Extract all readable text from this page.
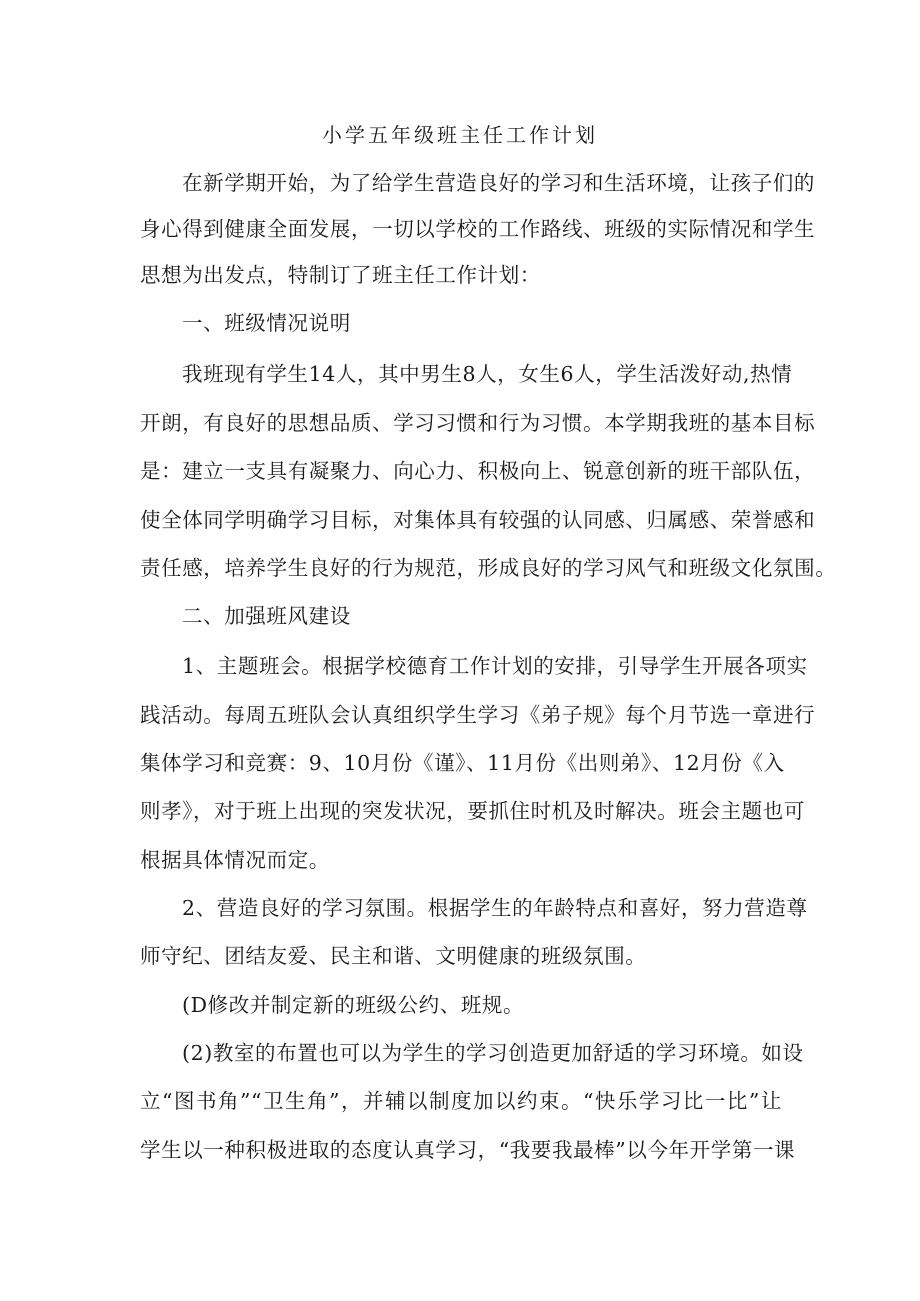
小学五年级班主任工作计划
在新学期开始，为了给学生营造良好的学习和生活环境，让孩子们的
身心得到健康全面发展，一切以学校的工作路线、班级的实际情况和学生
思想为出发点，特制订了班主任工作计划：
一、班级情况说明
我班现有学生14人，其中男生8人，女生6人，学生活泼好动,热情
开朗，有良好的思想品质、学习习惯和行为习惯。本学期我班的基本目标
是：建立一支具有凝聚力、向心力、积极向上、锐意创新的班干部队伍，
使全体同学明确学习目标，对集体具有较强的认同感、归属感、荣誉感和
责任感，培养学生良好的行为规范，形成良好的学习风气和班级文化氛围。
二、加强班风建设
1、主题班会。根据学校德育工作计划的安排，引导学生开展各项实
践活动。每周五班队会认真组织学生学习《弟子规》每个月节选一章进行
集体学习和竞赛：9、10月份《谨》、11月份《出则弟》、12月份《入
则孝》，对于班上出现的突发状况，要抓住时机及时解决。班会主题也可
根据具体情况而定。
2、营造良好的学习氛围。根据学生的年龄特点和喜好，努力营造尊
师守纪、团结友爱、民主和谐、文明健康的班级氛围。
(D修改并制定新的班级公约、班规。
(2)教室的布置也可以为学生的学习创造更加舒适的学习环境。如设
立“图书角”“卫生角”，并辅以制度加以约束。“快乐学习比一比”让
学生以一种积极进取的态度认真学习，“我要我最棒”以今年开学第一课
